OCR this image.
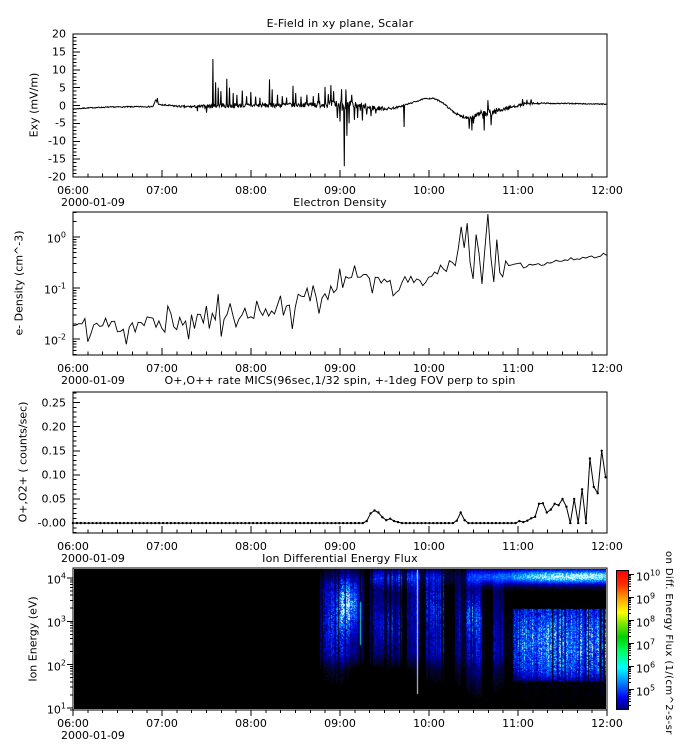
E-Field in xy plane, Scalar
Electron Density
O+,O++ rate MICS(96sec,1/32 spin, +-1deg FOV perp to spin
Ion Differential Energy Flux
Exy (mV/m)
e- Density (cm^-3)
O+,O2+ ( counts/sec)
Ion Energy (eV)	on Diff. Energy Flux (1/(cm^2-s-sr
06:00	07:00	08:00	09:00	10:00	11:00	12:00
2000-01-09
06:00	07:00	08:00	09:00	10:00	11:00	12:00
2000-01-09
06:00	07:00	08:00	09:00	10:00	11:00	12:00
2000-01-09
06:00	07:00	08:00	09:00	10:00	11:00	12:00
2000-01-09
20
15
10
5
0
-5
-10
-15
-20
0.25
0.20
0.15
0.10
0.05
-0.00
$10^0$
$10^{-1}$
$10^{-2}$
$10^4$
$10^3$
$10^2$
$10^1$
$10^{10}$
$10^9$
$10^8$
$10^7$
$10^6$
$10^5$
